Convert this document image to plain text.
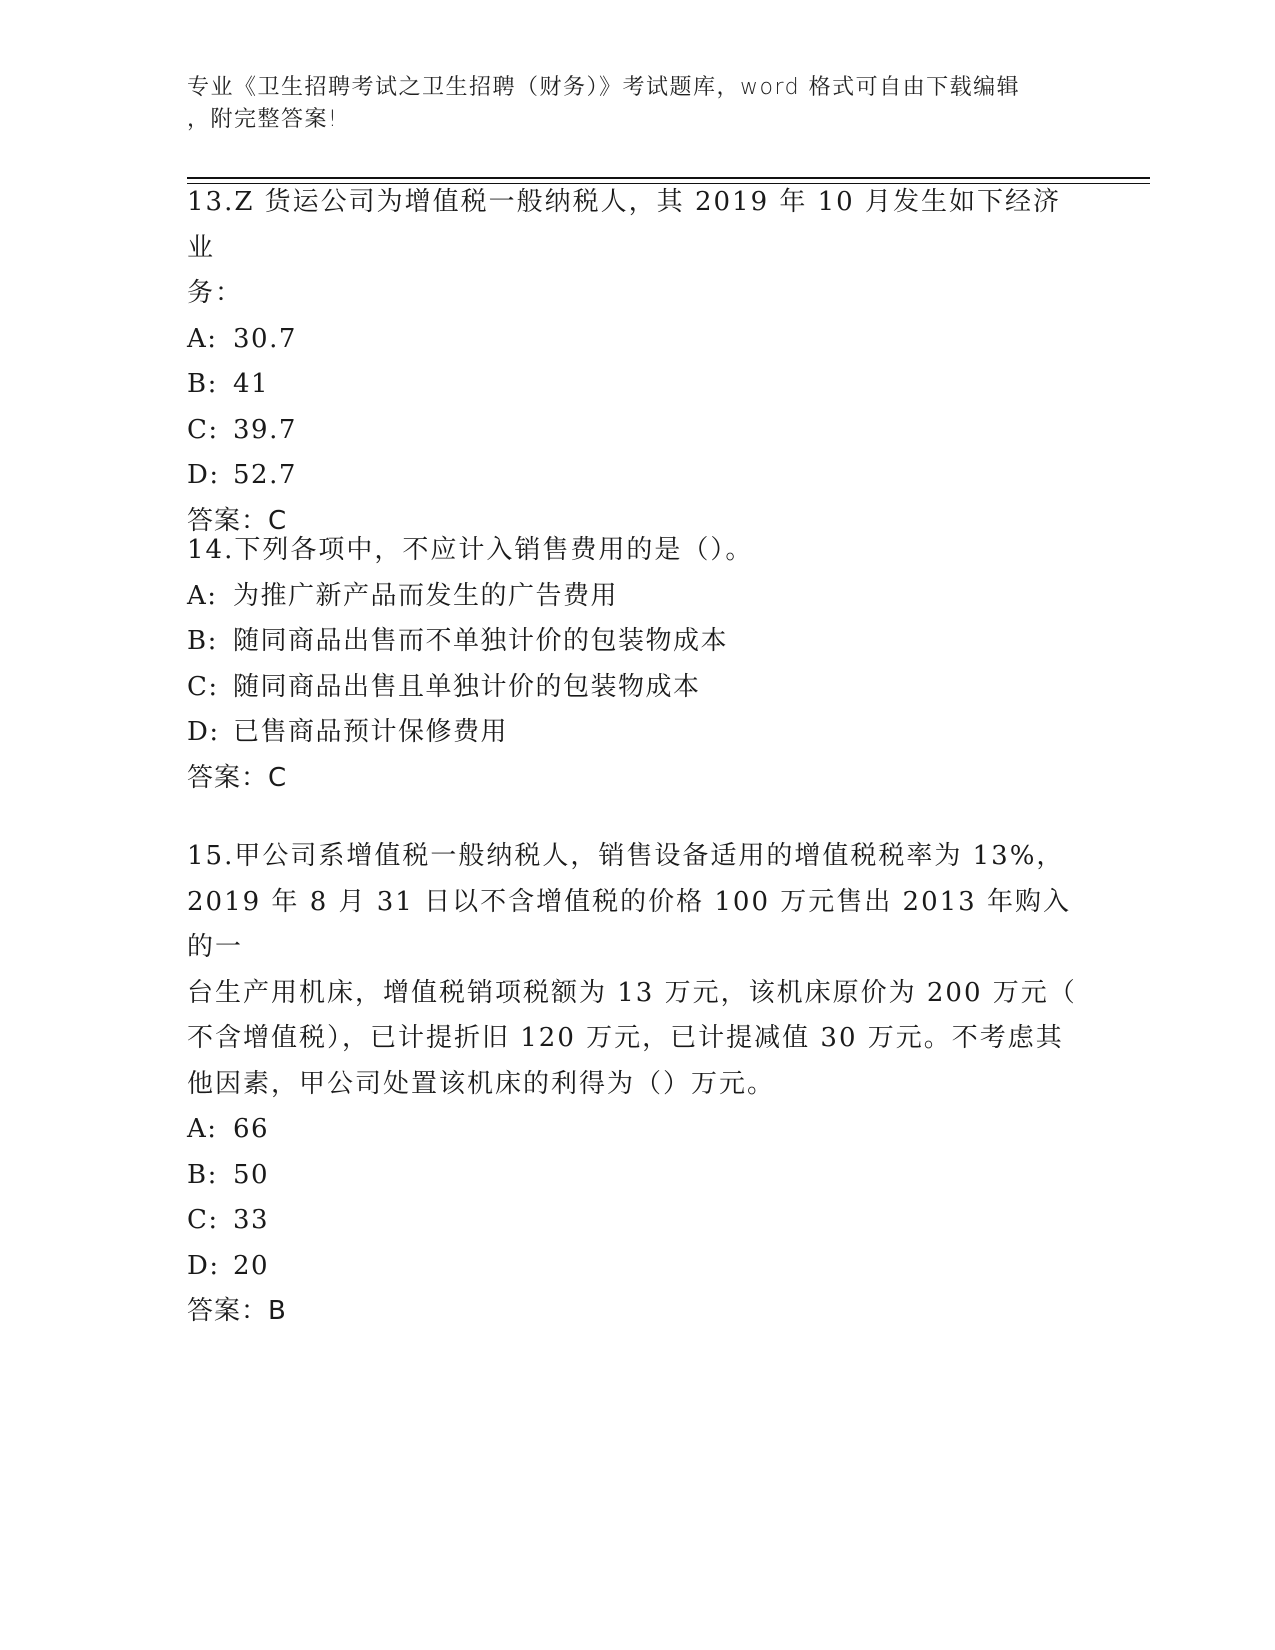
专业《卫生招聘考试之卫生招聘（财务）》考试题库，word 格式可自由下载编辑
，附完整答案!

13.Z 货运公司为增值税一般纳税人，其 2019 年 10 月发生如下经济业

务：

A: 30.7

B: 41

C: 39.7

D: 52.7

答案：C

14.下列各项中，不应计入销售费用的是（）。

A: 为推广新产品而发生的广告费用

B: 随同商品出售而不单独计价的包装物成本

C: 随同商品出售且单独计价的包装物成本

D: 已售商品预计保修费用

答案：C

15.甲公司系增值税一般纳税人，销售设备适用的增值税税率为 13%，

2019 年 8 月 31 日以不含增值税的价格 100 万元售出 2013 年购入的一

台生产用机床，增值税销项税额为 13 万元，该机床原价为 200 万元（

不含增值税），已计提折旧 120 万元，已计提减值 30 万元。不考虑其

他因素，甲公司处置该机床的利得为（）万元。

A: 66

B: 50

C: 33

D: 20

答案：B
